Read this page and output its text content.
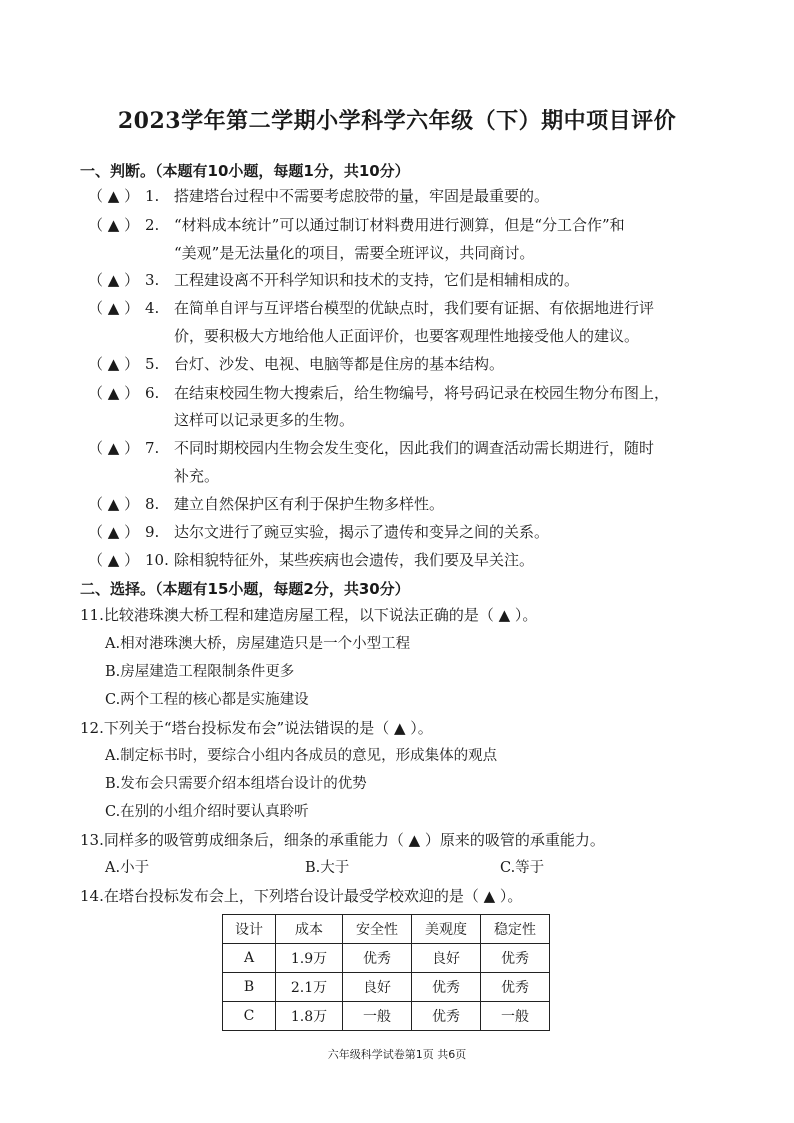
2023学年第二学期小学科学六年级（下）期中项目评价
一、判断。（本题有10小题，每题1分，共10分）
（ ▲ ） 1. 搭建塔台过程中不需要考虑胶带的量，牢固是最重要的。
（ ▲ ） 2. “材料成本统计”可以通过制订材料费用进行测算，但是“分工合作”和
“美观”是无法量化的项目，需要全班评议，共同商讨。
（ ▲ ） 3. 工程建设离不开科学知识和技术的支持，它们是相辅相成的。
（ ▲ ） 4. 在简单自评与互评塔台模型的优缺点时，我们要有证据、有依据地进行评
价，要积极大方地给他人正面评价，也要客观理性地接受他人的建议。
（ ▲ ） 5. 台灯、沙发、电视、电脑等都是住房的基本结构。
（ ▲ ） 6. 在结束校园生物大搜索后，给生物编号，将号码记录在校园生物分布图上，
这样可以记录更多的生物。
（ ▲ ） 7. 不同时期校园内生物会发生变化，因此我们的调查活动需长期进行，随时
补充。
（ ▲ ） 8. 建立自然保护区有利于保护生物多样性。
（ ▲ ） 9. 达尔文进行了豌豆实验，揭示了遗传和变异之间的关系。
（ ▲ ） 10. 除相貌特征外，某些疾病也会遗传，我们要及早关注。
二、选择。（本题有15小题，每题2分，共30分）
11.比较港珠澳大桥工程和建造房屋工程，以下说法正确的是（ ▲ ）。
A.相对港珠澳大桥，房屋建造只是一个小型工程
B.房屋建造工程限制条件更多
C.两个工程的核心都是实施建设
12.下列关于“塔台投标发布会”说法错误的是（ ▲ ）。
A.制定标书时，要综合小组内各成员的意见，形成集体的观点
B.发布会只需要介绍本组塔台设计的优势
C.在别的小组介绍时要认真聆听
13.同样多的吸管剪成细条后，细条的承重能力（ ▲ ）原来的吸管的承重能力。
A.小于	B.大于	C.等于
14.在塔台投标发布会上，下列塔台设计最受学校欢迎的是（ ▲ ）。
设计	成本	安全性	美观度	稳定性
A	1.9万	优秀	良好	优秀
B	2.1万	良好	优秀	优秀
C	1.8万	一般	优秀	一般
六年级科学试卷第1页 共6页
